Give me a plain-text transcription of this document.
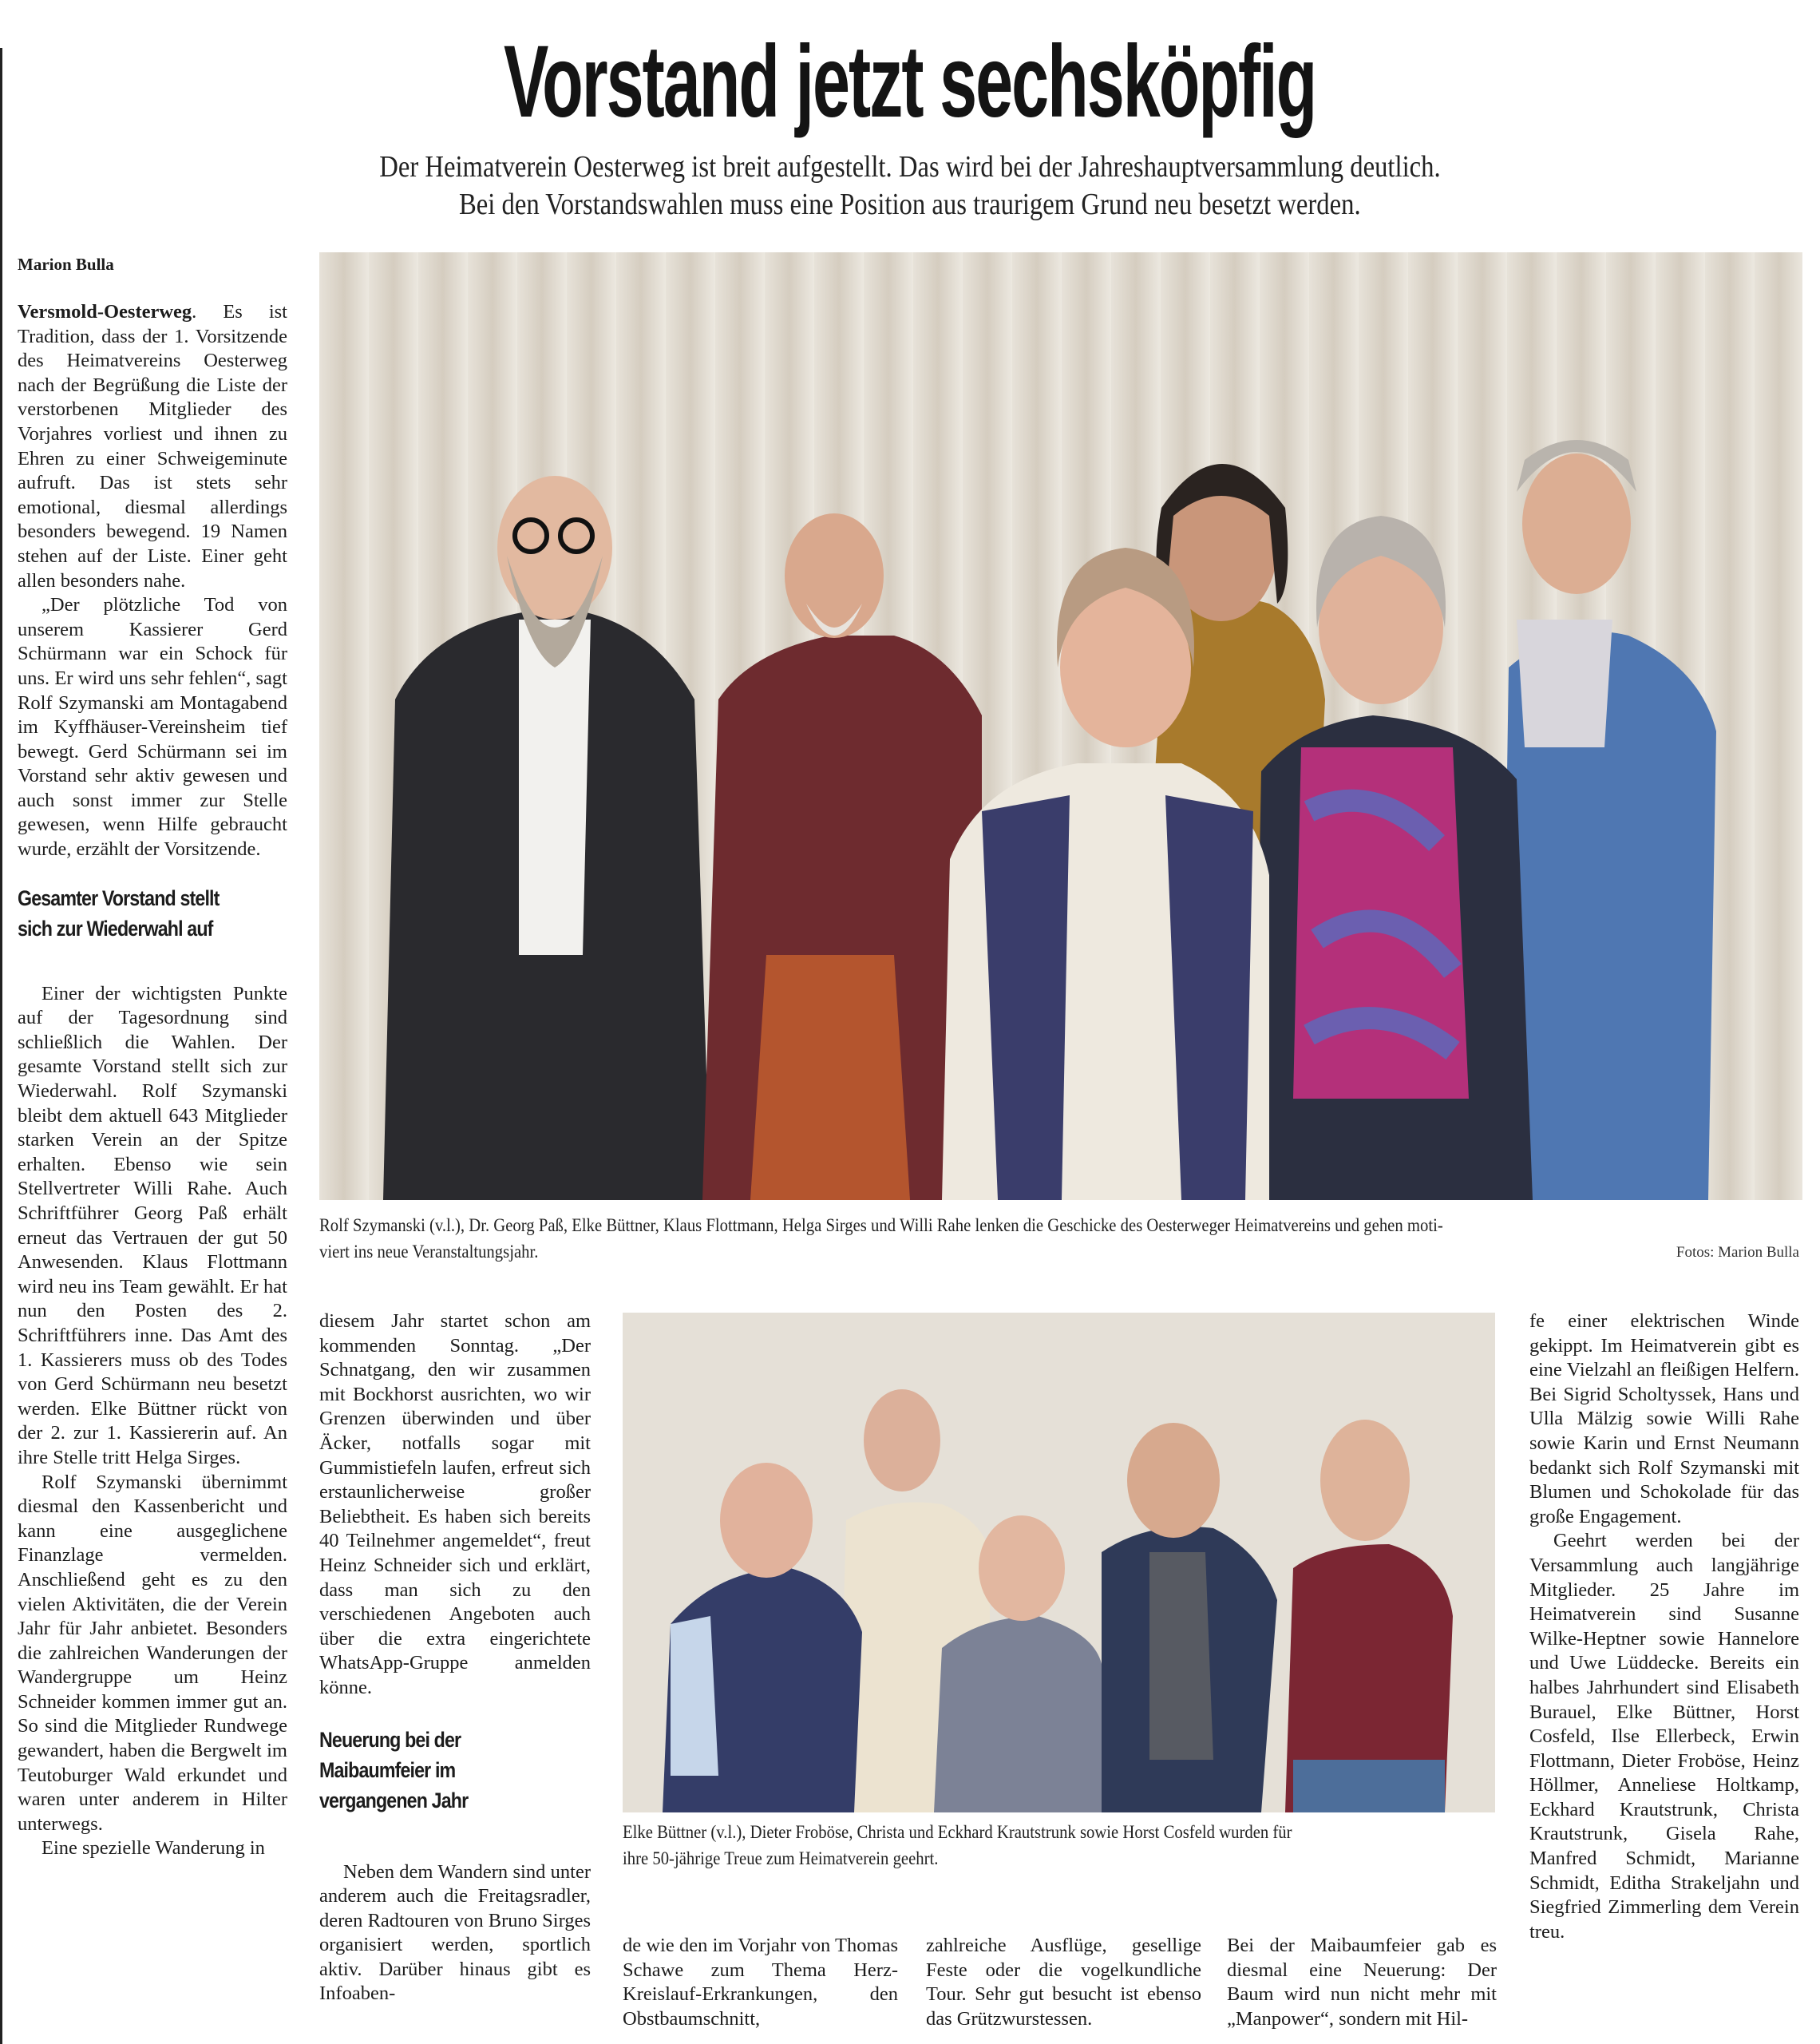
Vorstand jetzt sechsköpfig
Der Heimatverein Oesterweg ist breit aufgestellt. Das wird bei der Jahreshauptversammlung deutlich.
Bei den Vorstandswahlen muss eine Position aus traurigem Grund neu besetzt werden.
Marion Bulla

Versmold-Oesterweg. Es ist Tradition, dass der 1. Vorsitzende des Heimatvereins Oesterweg nach der Begrüßung die Liste der verstorbenen Mitglieder des Vorjahres vorliest und ihnen zu Ehren zu einer Schweigeminute aufruft. Das ist stets sehr emotional, diesmal allerdings besonders bewegend. 19 Namen stehen auf der Liste. Einer geht allen besonders nahe.

„Der plötzliche Tod von unserem Kassierer Gerd Schürmann war ein Schock für uns. Er wird uns sehr fehlen“, sagt Rolf Szymanski am Montagabend im Kyffhäuser-Vereinsheim tief bewegt. Gerd Schürmann sei im Vorstand sehr aktiv gewesen und auch sonst immer zur Stelle gewesen, wenn Hilfe gebraucht wurde, erzählt der Vorsitzende.

Gesamter Vorstand stellt sich zur Wiederwahl auf

Einer der wichtigsten Punkte auf der Tagesordnung sind schließlich die Wahlen. Der gesamte Vorstand stellt sich zur Wiederwahl. Rolf Szymanski bleibt dem aktuell 643 Mitglieder starken Verein an der Spitze erhalten. Ebenso wie sein Stellvertreter Willi Rahe. Auch Schriftführer Georg Paß erhält erneut das Vertrauen der gut 50 Anwesenden. Klaus Flottmann wird neu ins Team gewählt. Er hat nun den Posten des 2. Schriftführers inne. Das Amt des 1. Kassierers muss ob des Todes von Gerd Schürmann neu besetzt werden. Elke Büttner rückt von der 2. zur 1. Kassiererin auf. An ihre Stelle tritt Helga Sirges.

Rolf Szymanski übernimmt diesmal den Kassenbericht und kann eine ausgeglichene Finanzlage vermelden. Anschließend geht es zu den vielen Aktivitäten, die der Verein Jahr für Jahr anbietet. Besonders die zahlreichen Wanderungen der Wandergruppe um Heinz Schneider kommen immer gut an. So sind die Mitglieder Rundwege gewandert, haben die Bergwelt im Teutoburger Wald erkundet und waren unter anderem in Hilter unterwegs.

Eine spezielle Wanderung in

Rolf Szymanski (v.l.), Dr. Georg Paß, Elke Büttner, Klaus Flottmann, Helga Sirges und Willi Rahe lenken die Geschicke des Oesterweger Heimatvereins und gehen moti-
viert ins neue Veranstaltungsjahr.	Fotos: Marion Bulla

diesem Jahr startet schon am kommenden Sonntag. „Der Schnatgang, den wir zusammen mit Bockhorst ausrichten, wo wir Grenzen überwinden und über Äcker, notfalls sogar mit Gummistiefeln laufen, erfreut sich erstaunlicherweise großer Beliebtheit. Es haben sich bereits 40 Teilnehmer angemeldet“, freut Heinz Schneider sich und erklärt, dass man sich zu den verschiedenen Angeboten auch über die extra eingerichtete WhatsApp-Gruppe anmelden könne.

Neuerung bei der Maibaumfeier im vergangenen Jahr

Neben dem Wandern sind unter anderem auch die Freitagsradler, deren Radtouren von Bruno Sirges organisiert werden, sportlich aktiv. Darüber hinaus gibt es Infoaben-

Elke Büttner (v.l.), Dieter Froböse, Christa und Eckhard Krautstrunk sowie Horst Cosfeld wurden für
ihre 50-jährige Treue zum Heimatverein geehrt.

de wie den im Vorjahr von Thomas Schawe zum Thema Herz-Kreislauf-Erkrankungen, den Obstbaumschnitt,

zahlreiche Ausflüge, gesellige Feste oder die vogelkundliche Tour. Sehr gut besucht ist ebenso das Grützwurstessen.

Bei der Maibaumfeier gab es diesmal eine Neuerung: Der Baum wird nun nicht mehr mit „Manpower“, sondern mit Hil-

fe einer elektrischen Winde gekippt. Im Heimatverein gibt es eine Vielzahl an fleißigen Helfern. Bei Sigrid Scholtyssek, Hans und Ulla Mälzig sowie Willi Rahe sowie Karin und Ernst Neumann bedankt sich Rolf Szymanski mit Blumen und Schokolade für das große Engagement.

Geehrt werden bei der Versammlung auch langjährige Mitglieder. 25 Jahre im Heimatverein sind Susanne Wilke-Heptner sowie Hannelore und Uwe Lüddecke. Bereits ein halbes Jahrhundert sind Elisabeth Burauel, Elke Büttner, Horst Cosfeld, Ilse Ellerbeck, Erwin Flottmann, Dieter Froböse, Heinz Höllmer, Anneliese Holtkamp, Eckhard Krautstrunk, Christa Krautstrunk, Gisela Rahe, Manfred Schmidt, Marianne Schmidt, Editha Strakeljahn und Siegfried Zimmerling dem Verein treu.
